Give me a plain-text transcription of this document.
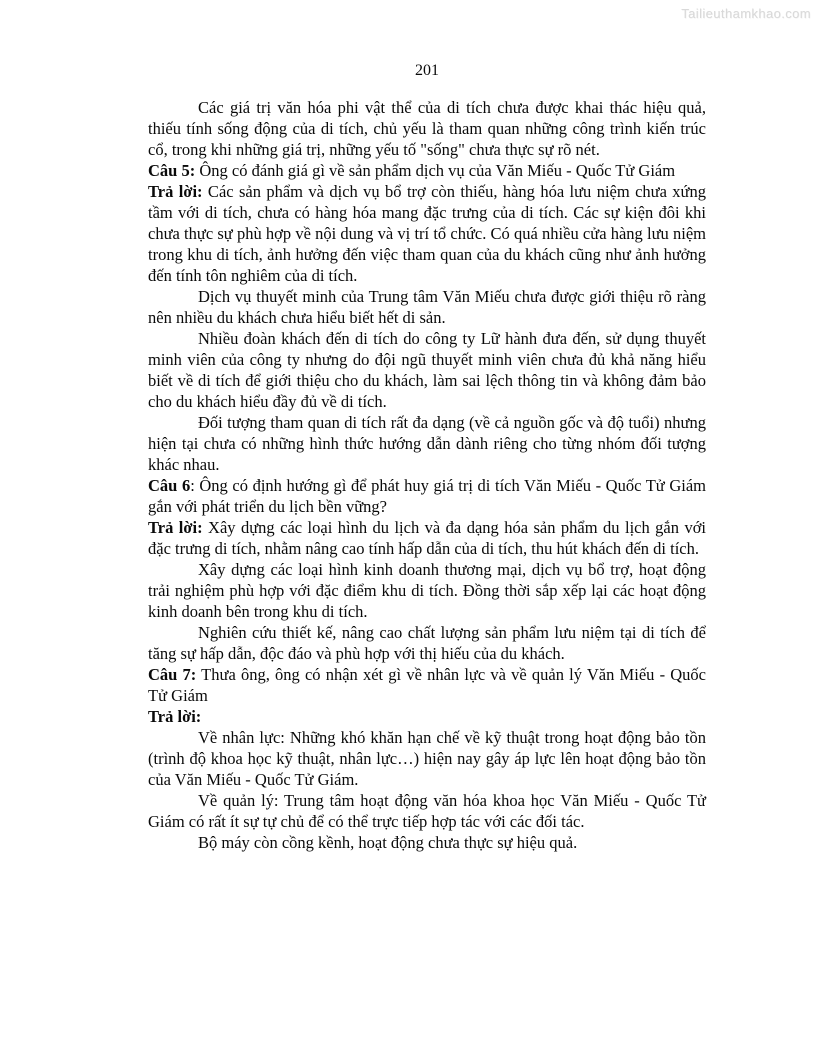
Tailieuthamkhao.com
201

Các giá trị văn hóa phi vật thể của di tích chưa được khai thác hiệu quả, thiếu tính sống động của di tích, chủ yếu là tham quan những công trình kiến trúc cổ, trong khi những giá trị, những yếu tố "sống" chưa thực sự rõ nét.

Câu 5: Ông có đánh giá gì về sản phẩm dịch vụ của Văn Miếu - Quốc Tử Giám

Trả lời: Các sản phẩm và dịch vụ bổ trợ còn thiếu, hàng hóa lưu niệm chưa xứng tầm với di tích, chưa có hàng hóa mang đặc trưng của di tích. Các sự kiện đôi khi chưa thực sự phù hợp về nội dung và vị trí tổ chức. Có quá nhiều cửa hàng lưu niệm trong khu di tích, ảnh hưởng đến việc tham quan của du khách cũng như ảnh hưởng đến tính tôn nghiêm của di tích.

Dịch vụ thuyết minh của Trung tâm Văn Miếu chưa được giới thiệu rõ ràng nên nhiều du khách chưa hiểu biết hết di sản.

Nhiều đoàn khách đến di tích do công ty Lữ hành đưa đến, sử dụng thuyết minh viên của công ty nhưng do đội ngũ thuyết minh viên chưa đủ khả năng hiểu biết về di tích để giới thiệu cho du khách, làm sai lệch thông tin và không đảm bảo cho du khách hiểu đầy đủ về di tích.

Đối tượng tham quan di tích rất đa dạng (về cả nguồn gốc và độ tuổi) nhưng hiện tại chưa có những hình thức hướng dẫn dành riêng cho từng nhóm đối tượng khác nhau.

Câu 6: Ông có định hướng gì để phát huy giá trị di tích Văn Miếu - Quốc Tử Giám gắn với phát triển du lịch bền vững?

Trả lời: Xây dựng các loại hình du lịch và đa dạng hóa sản phẩm du lịch gắn với đặc trưng di tích, nhằm nâng cao tính hấp dẫn của di tích, thu hút khách đến di tích.

Xây dựng các loại hình kinh doanh thương mại, dịch vụ bổ trợ, hoạt động trải nghiệm phù hợp với đặc điểm khu di tích. Đồng thời sắp xếp lại các hoạt động kinh doanh bên trong khu di tích.

Nghiên cứu thiết kế, nâng cao chất lượng sản phẩm lưu niệm tại di tích để tăng sự hấp dẫn, độc đáo và phù hợp với thị hiếu của du khách.

Câu 7: Thưa ông, ông có nhận xét gì về nhân lực và về quản lý Văn Miếu - Quốc Tử Giám

Trả lời:

Về nhân lực: Những khó khăn hạn chế về kỹ thuật trong hoạt động bảo tồn (trình độ khoa học kỹ thuật, nhân lực…) hiện nay gây áp lực lên hoạt động bảo tồn của Văn Miếu - Quốc Tử Giám.

Về quản lý: Trung tâm hoạt động văn hóa khoa học Văn Miếu - Quốc Tử Giám có rất ít sự tự chủ để có thể trực tiếp hợp tác với các đối tác.

Bộ máy còn cồng kềnh, hoạt động chưa thực sự hiệu quả.
